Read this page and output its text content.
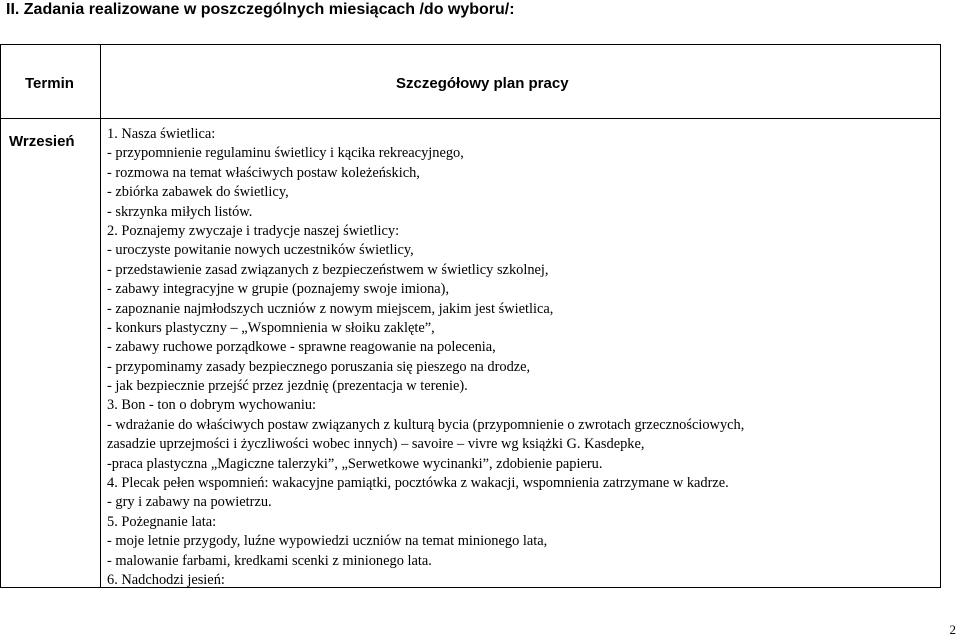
II. Zadania realizowane w poszczególnych miesiącach /do wyboru/:
Termin	Szczegółowy plan pracy
Wrzesień 1. Nasza świetlica:
- przypomnienie regulaminu świetlicy i kącika rekreacyjnego,
- rozmowa na temat właściwych postaw koleżeńskich,
- zbiórka zabawek do świetlicy,
- skrzynka miłych listów.
2. Poznajemy zwyczaje i tradycje naszej świetlicy:
- uroczyste powitanie nowych uczestników świetlicy,
- przedstawienie zasad związanych z bezpieczeństwem w świetlicy szkolnej,
- zabawy integracyjne w grupie (poznajemy swoje imiona),
- zapoznanie najmłodszych uczniów z nowym miejscem, jakim jest świetlica,
- konkurs plastyczny – „Wspomnienia w słoiku zaklęte”,
- zabawy ruchowe porządkowe - sprawne reagowanie na polecenia,
- przypominamy zasady bezpiecznego poruszania się pieszego na drodze,
- jak bezpiecznie przejść przez jezdnię (prezentacja w terenie).
3. Bon - ton o dobrym wychowaniu:
- wdrażanie do właściwych postaw związanych z kulturą bycia (przypomnienie o zwrotach grzecznościowych,
zasadzie uprzejmości i życzliwości wobec innych) – savoire – vivre wg książki G. Kasdepke,
-praca plastyczna „Magiczne talerzyki”, „Serwetkowe wycinanki”, zdobienie papieru.
4. Plecak pełen wspomnień: wakacyjne pamiątki, pocztówka z wakacji, wspomnienia zatrzymane w kadrze.
- gry i zabawy na powietrzu.
5. Pożegnanie lata:
- moje letnie przygody, luźne wypowiedzi uczniów na temat minionego lata,
- malowanie farbami, kredkami scenki z minionego lata.
6. Nadchodzi jesień:
2
